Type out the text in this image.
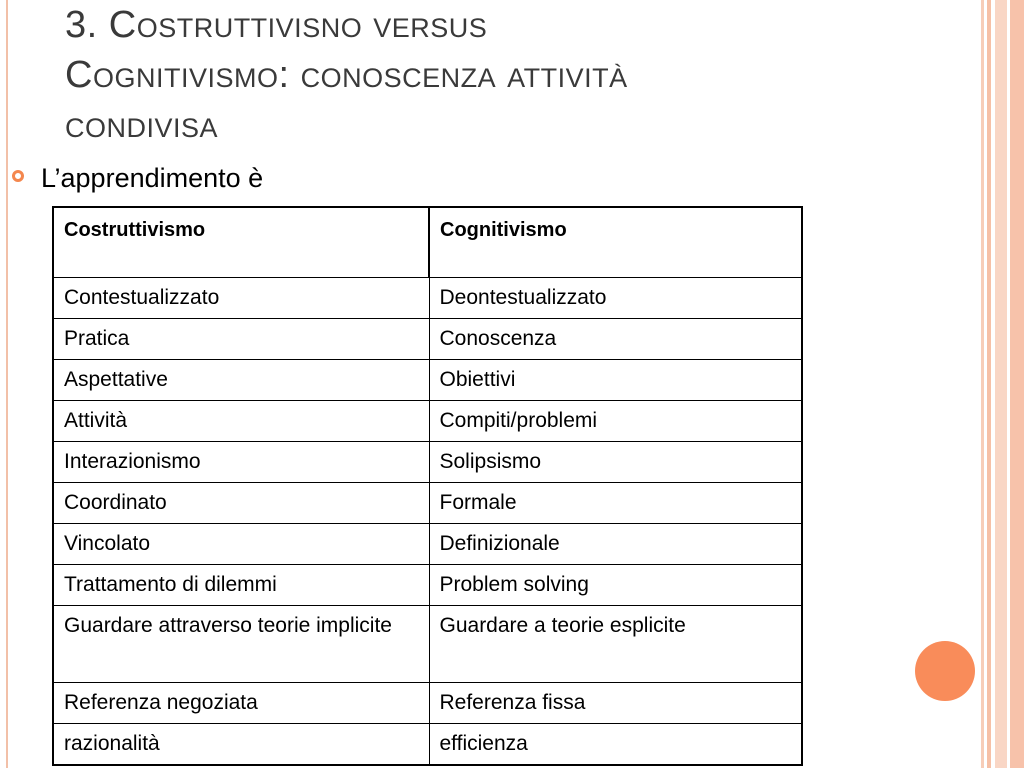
3. Costruttivisno versus
Cognitivismo: conoscenza attività
condivisa
L’apprendimento è
Costruttivismo	Cognitivismo
Contestualizzato	Deontestualizzato
Pratica	Conoscenza
Aspettative	Obiettivi
Attività	Compiti/problemi
Interazionismo	Solipsismo
Coordinato	Formale
Vincolato	Definizionale
Trattamento di dilemmi	Problem solving
Guardare attraverso teorie implicite	Guardare a teorie esplicite
Referenza negoziata	Referenza fissa
razionalità	efficienza
